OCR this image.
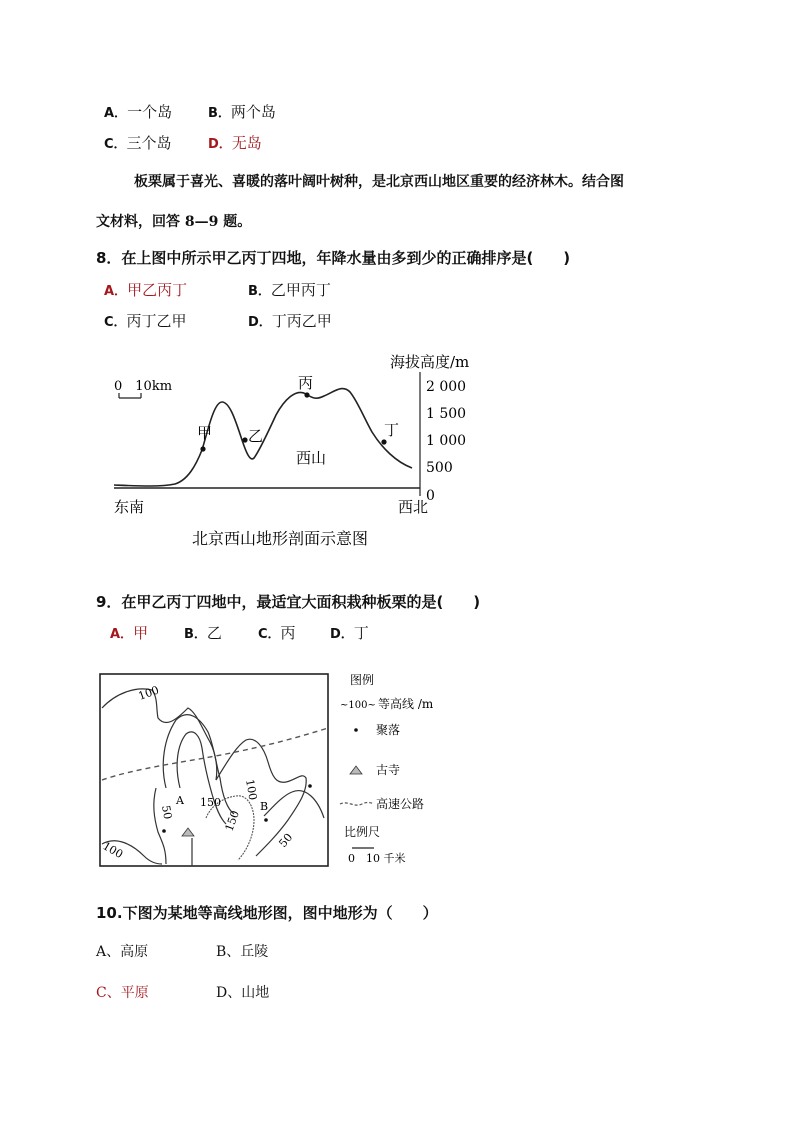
A．一个岛	B．两个岛
C．三个岛	D．无岛
板栗属于喜光、喜暖的落叶阔叶树种，是北京西山地区重要的经济林木。结合图
文材料，回答 8—9 题。
8．在上图中所示甲乙丙丁四地，年降水量由多到少的正确排序是(　　)
A．甲乙丙丁	B．乙甲丙丁
C．丙丁乙甲	D．丁丙乙甲
海拔高度/m
2 000
1 500
1 000
500
0
0　10km
甲 乙
丙
丁
西山
东南	西北
北京西山地形剖面示意图
9．在甲乙丙丁四地中，最适宜大面积栽种板栗的是(　　)
A．甲	B．乙	C．丙	D．丁
100
150
100
50	150
50
100
A	B
图例
~100~ 等高线 /m
聚落
古寺
高速公路
比例尺
0　10 千米
10.下图为某地等高线地形图，图中地形为（　　）
A、高原	B、丘陵
C、平原	D、山地
